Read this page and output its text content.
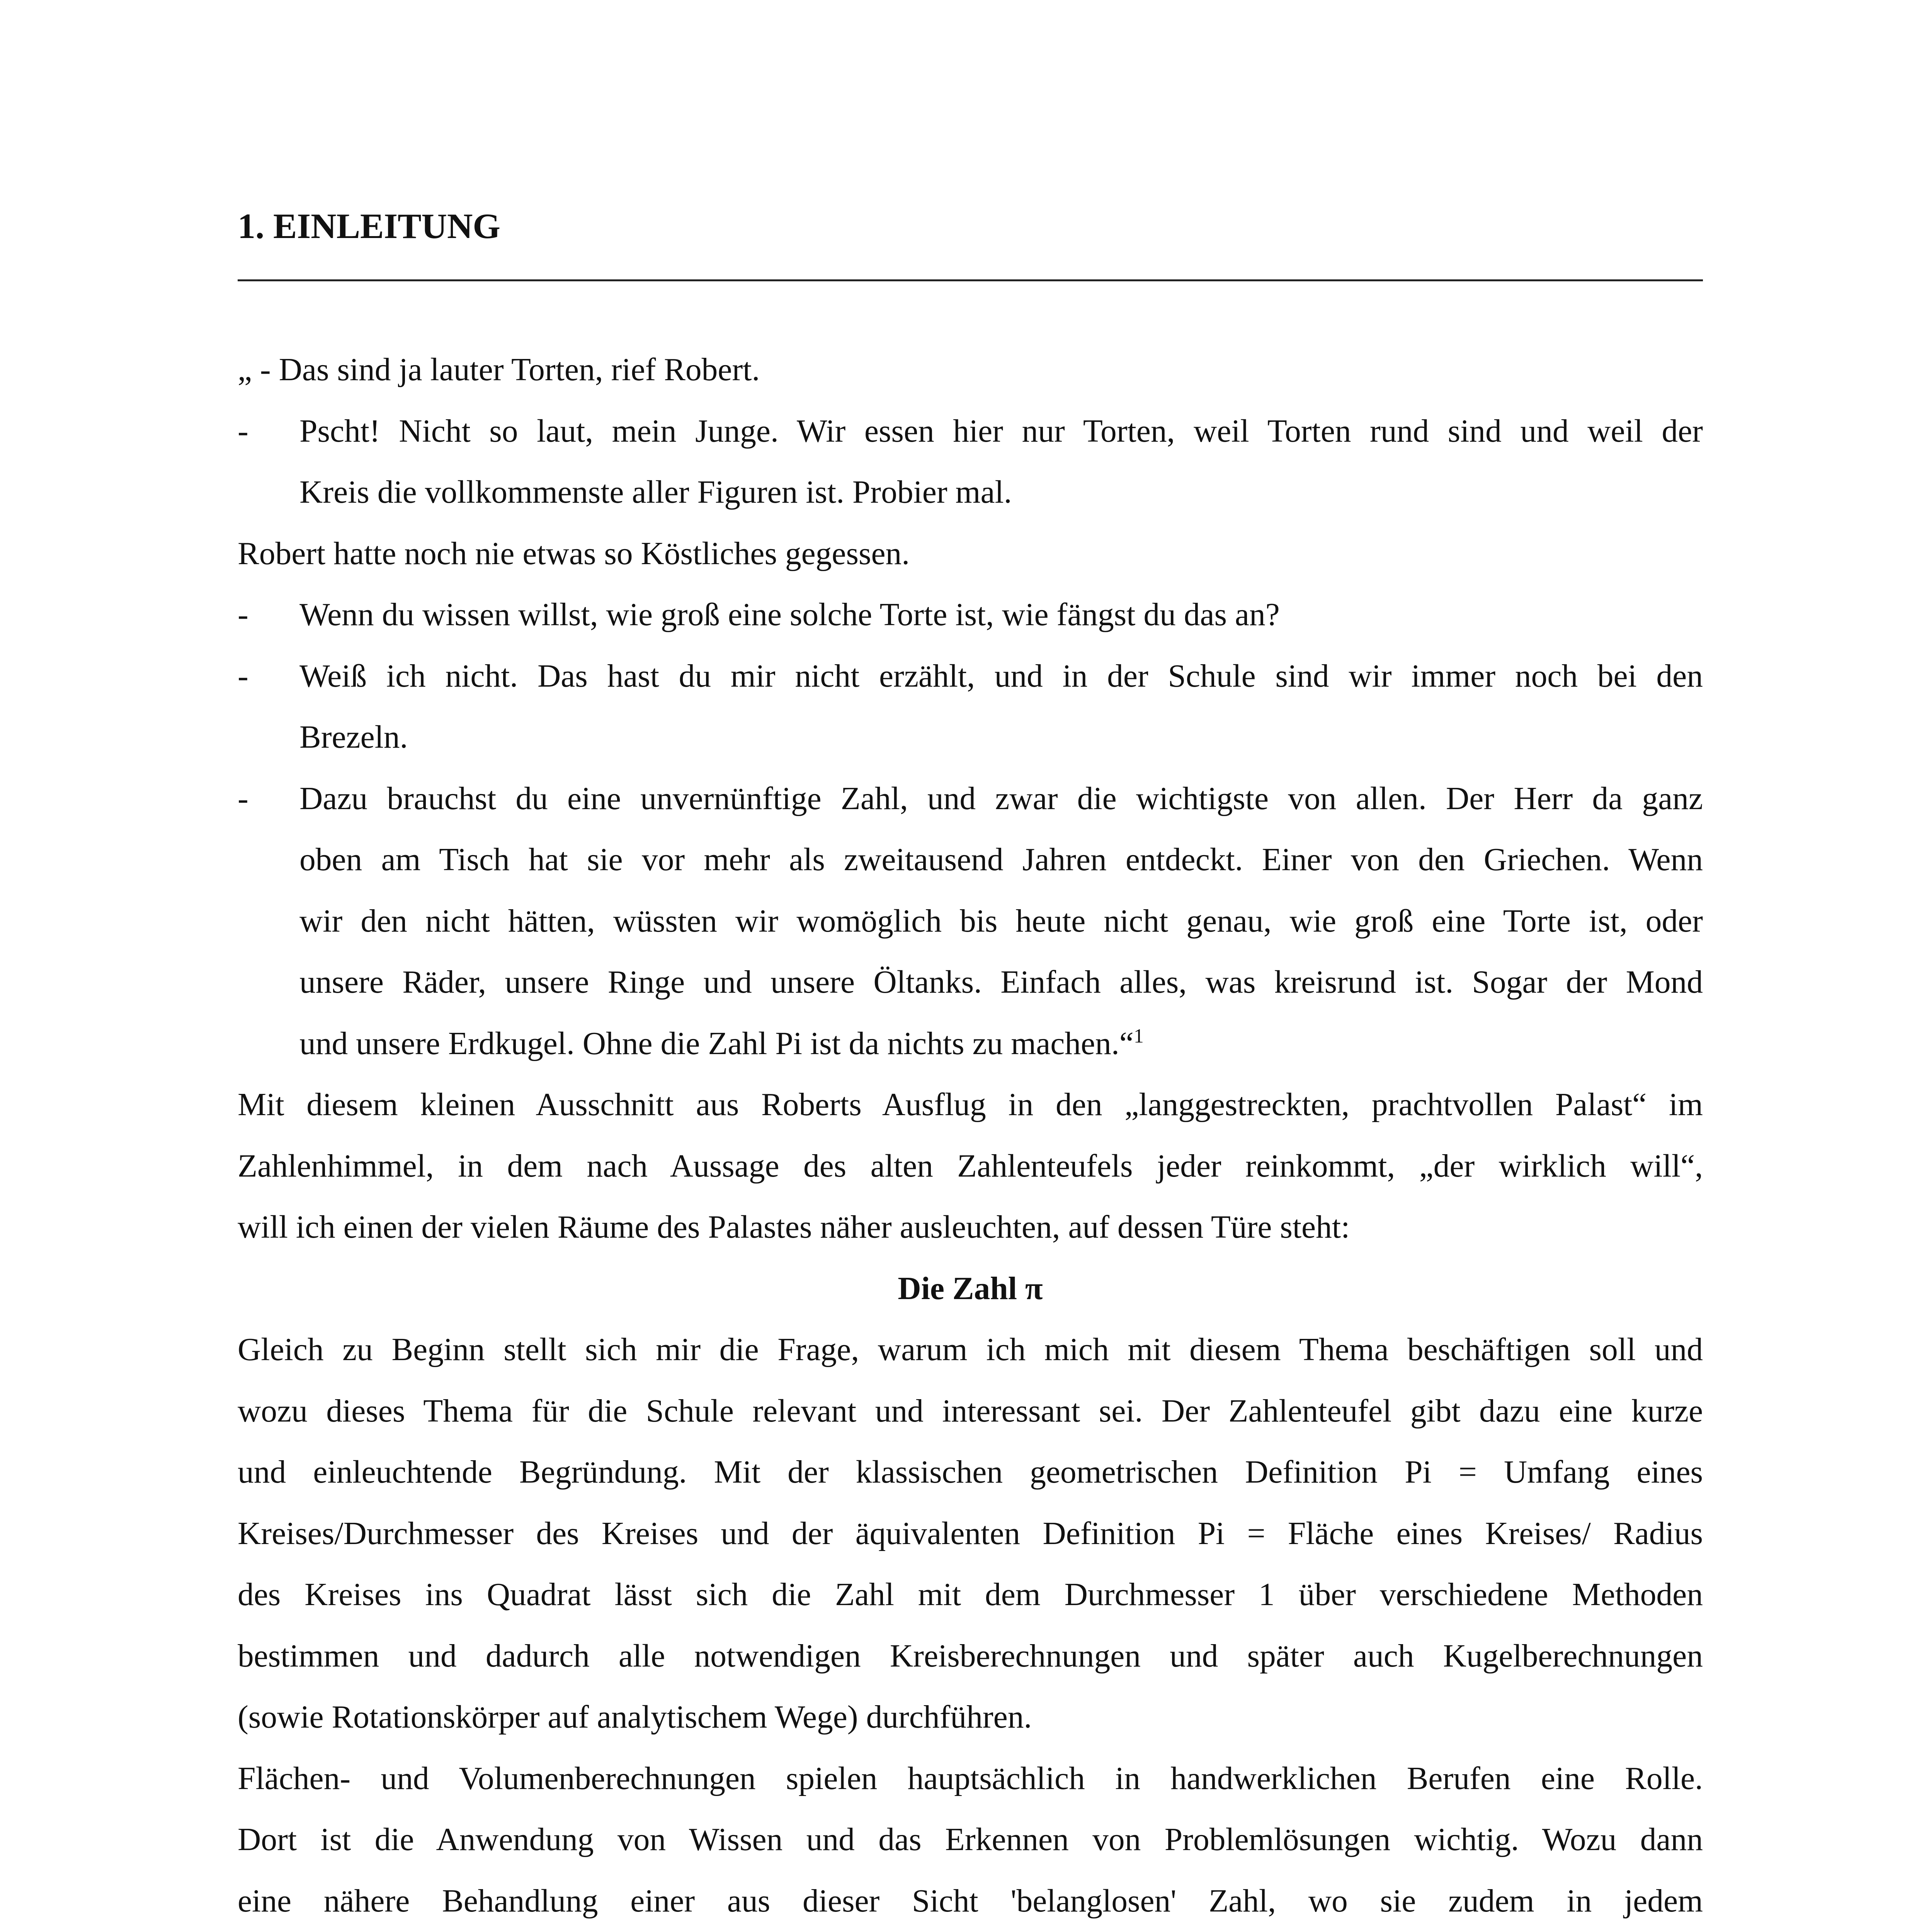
1. EINLEITUNG
„ - Das sind ja lauter Torten, rief Robert.
- Pscht! Nicht so laut, mein Junge. Wir essen hier nur Torten, weil Torten rund sind und weil der
Kreis die vollkommenste aller Figuren ist. Probier mal.
Robert hatte noch nie etwas so Köstliches gegessen.
- Wenn du wissen willst, wie groß eine solche Torte ist, wie fängst du das an?
- Weiß ich nicht. Das hast du mir nicht erzählt, und in der Schule sind wir immer noch bei den
Brezeln.
- Dazu brauchst du eine unvernünftige Zahl, und zwar die wichtigste von allen. Der Herr da ganz
oben am Tisch hat sie vor mehr als zweitausend Jahren entdeckt. Einer von den Griechen. Wenn
wir den nicht hätten, wüssten wir womöglich bis heute nicht genau, wie groß eine Torte ist, oder
unsere Räder, unsere Ringe und unsere Öltanks. Einfach alles, was kreisrund ist. Sogar der Mond
und unsere Erdkugel. Ohne die Zahl Pi ist da nichts zu machen.“$^1$
Mit diesem kleinen Ausschnitt aus Roberts Ausflug in den „langgestreckten, prachtvollen Palast“ im
Zahlenhimmel, in dem nach Aussage des alten Zahlenteufels jeder reinkommt, „der wirklich will“,
will ich einen der vielen Räume des Palastes näher ausleuchten, auf dessen Türe steht:
Die Zahl π
Gleich zu Beginn stellt sich mir die Frage, warum ich mich mit diesem Thema beschäftigen soll und
wozu dieses Thema für die Schule relevant und interessant sei. Der Zahlenteufel gibt dazu eine kurze
und einleuchtende Begründung. Mit der klassischen geometrischen Definition Pi = Umfang eines
Kreises/Durchmesser des Kreises und der äquivalenten Definition Pi = Fläche eines Kreises/ Radius
des Kreises ins Quadrat lässt sich die Zahl mit dem Durchmesser 1 über verschiedene Methoden
bestimmen und dadurch alle notwendigen Kreisberechnungen und später auch Kugelberechnungen
(sowie Rotationskörper auf analytischem Wege) durchführen.
Flächen- und Volumenberechnungen spielen hauptsächlich in handwerklichen Berufen eine Rolle.
Dort ist die Anwendung von Wissen und das Erkennen von Problemlösungen wichtig. Wozu dann
eine nähere Behandlung einer aus dieser Sicht 'belanglosen' Zahl, wo sie zudem in jedem
